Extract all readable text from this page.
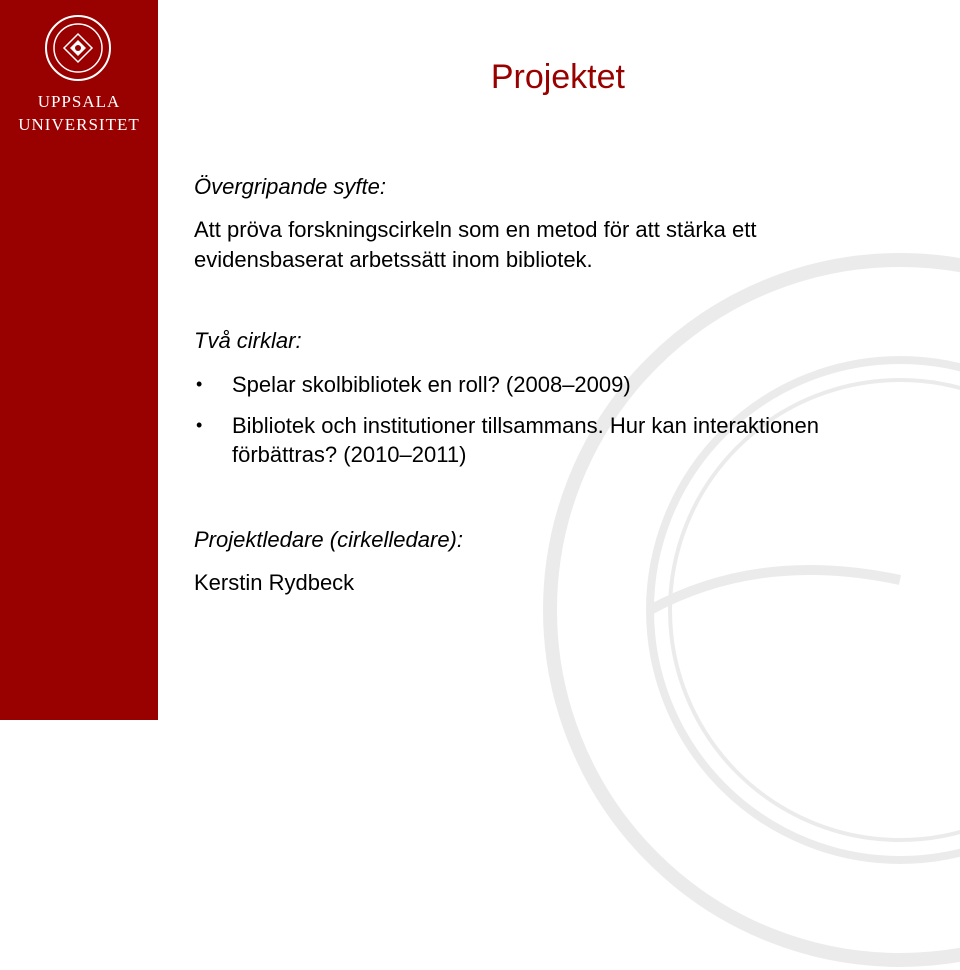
UPPSALA
UNIVERSITET
Projektet
Övergripande syfte:
Att pröva forskningscirkeln som en metod för att stärka ett
evidensbaserat arbetssätt inom bibliotek.
Två cirklar:
• Spelar skolbibliotek en roll? (2008–2009)
• Bibliotek och institutioner tillsammans. Hur kan interaktionen förbättras? (2010–2011)
Projektledare (cirkelledare):
Kerstin Rydbeck
